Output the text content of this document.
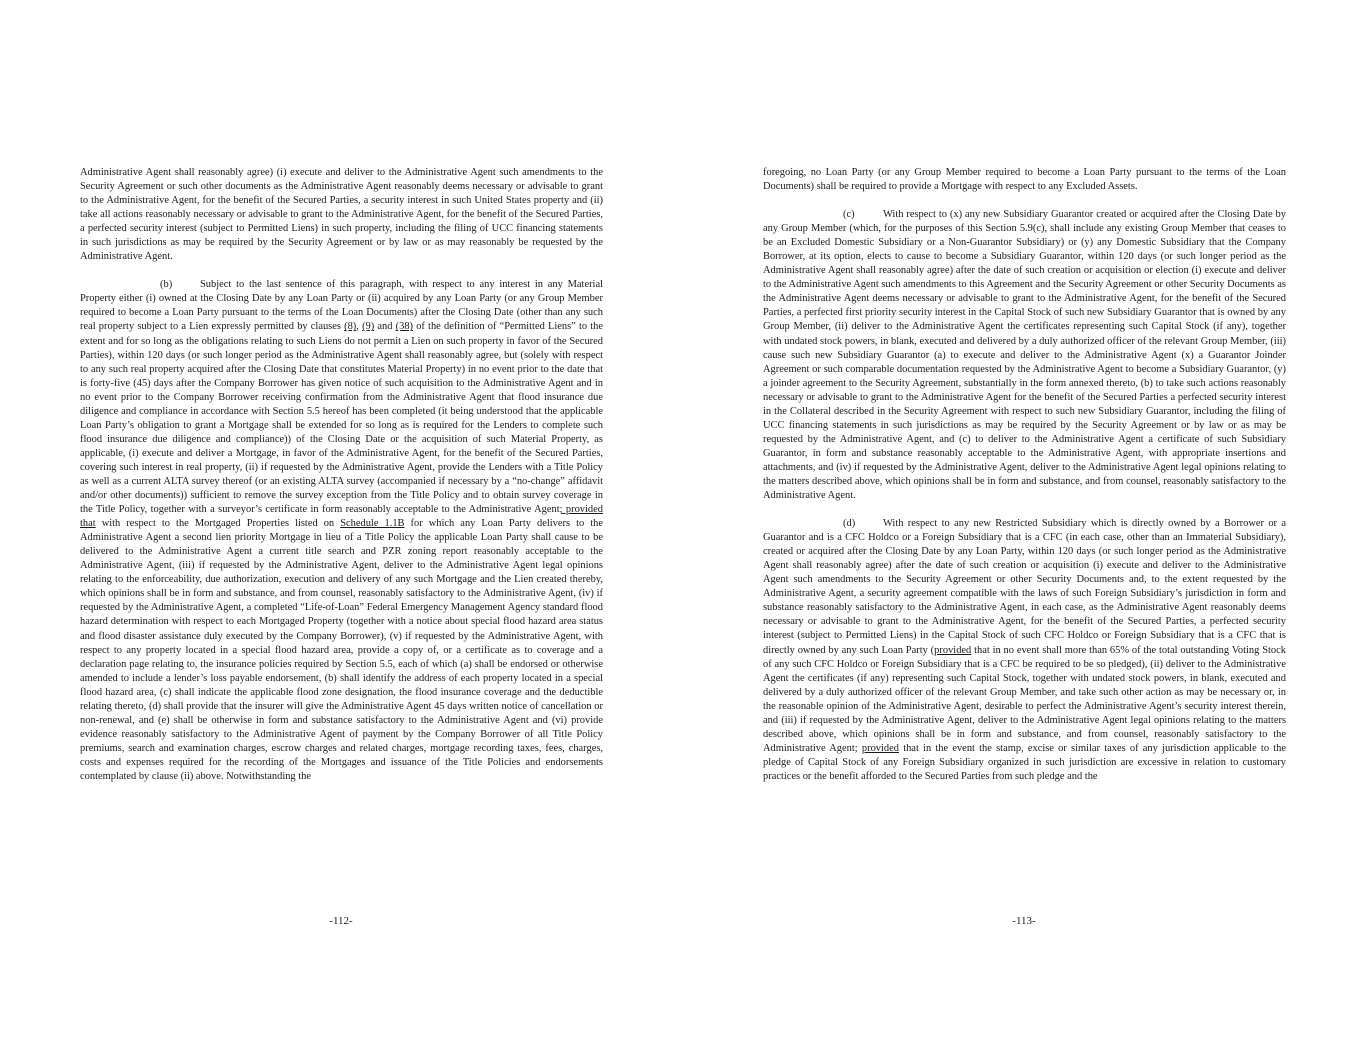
Administrative Agent shall reasonably agree) (i) execute and deliver to the Administrative Agent such amendments to the Security Agreement or such other documents as the Administrative Agent reasonably deems necessary or advisable to grant to the Administrative Agent, for the benefit of the Secured Parties, a security interest in such United States property and (ii) take all actions reasonably necessary or advisable to grant to the Administrative Agent, for the benefit of the Secured Parties, a perfected security interest (subject to Permitted Liens) in such property, including the filing of UCC financing statements in such jurisdictions as may be required by the Security Agreement or by law or as may reasonably be requested by the Administrative Agent.

(b)	Subject to the last sentence of this paragraph, with respect to any interest in any Material Property either (i) owned at the Closing Date by any Loan Party or (ii) acquired by any Loan Party (or any Group Member required to become a Loan Party pursuant to the terms of the Loan Documents) after the Closing Date (other than any such real property subject to a Lien expressly permitted by clauses (8), (9) and (38) of the definition of “Permitted Liens” to the extent and for so long as the obligations relating to such Liens do not permit a Lien on such property in favor of the Secured Parties), within 120 days (or such longer period as the Administrative Agent shall reasonably agree, but (solely with respect to any such real property acquired after the Closing Date that constitutes Material Property) in no event prior to the date that is forty-five (45) days after the Company Borrower has given notice of such acquisition to the Administrative Agent and in no event prior to the Company Borrower receiving confirmation from the Administrative Agent that flood insurance due diligence and compliance in accordance with Section 5.5 hereof has been completed (it being understood that the applicable Loan Party’s obligation to grant a Mortgage shall be extended for so long as is required for the Lenders to complete such flood insurance due diligence and compliance)) of the Closing Date or the acquisition of such Material Property, as applicable, (i) execute and deliver a Mortgage, in favor of the Administrative Agent, for the benefit of the Secured Parties, covering such interest in real property, (ii) if requested by the Administrative Agent, provide the Lenders with a Title Policy as well as a current ALTA survey thereof (or an existing ALTA survey (accompanied if necessary by a “no-change” affidavit and/or other documents)) sufficient to remove the survey exception from the Title Policy and to obtain survey coverage in the Title Policy, together with a surveyor’s certificate in form reasonably acceptable to the Administrative Agent; provided that with respect to the Mortgaged Properties listed on Schedule 1.1B for which any Loan Party delivers to the Administrative Agent a second lien priority Mortgage in lieu of a Title Policy the applicable Loan Party shall cause to be delivered to the Administrative Agent a current title search and PZR zoning report reasonably acceptable to the Administrative Agent, (iii) if requested by the Administrative Agent, deliver to the Administrative Agent legal opinions relating to the enforceability, due authorization, execution and delivery of any such Mortgage and the Lien created thereby, which opinions shall be in form and substance, and from counsel, reasonably satisfactory to the Administrative Agent, (iv) if requested by the Administrative Agent, a completed “Life-of-Loan” Federal Emergency Management Agency standard flood hazard determination with respect to each Mortgaged Property (together with a notice about special flood hazard area status and flood disaster assistance duly executed by the Company Borrower), (v) if requested by the Administrative Agent, with respect to any property located in a special flood hazard area, provide a copy of, or a certificate as to coverage and a declaration page relating to, the insurance policies required by Section 5.5, each of which (a) shall be endorsed or otherwise amended to include a lender’s loss payable endorsement, (b) shall identify the address of each property located in a special flood hazard area, (c) shall indicate the applicable flood zone designation, the flood insurance coverage and the deductible relating thereto, (d) shall provide that the insurer will give the Administrative Agent 45 days written notice of cancellation or non-renewal, and (e) shall be otherwise in form and substance satisfactory to the Administrative Agent and (vi) provide evidence reasonably satisfactory to the Administrative Agent of payment by the Company Borrower of all Title Policy premiums, search and examination charges, escrow charges and related charges, mortgage recording taxes, fees, charges, costs and expenses required for the recording of the Mortgages and issuance of the Title Policies and endorsements contemplated by clause (ii) above. Notwithstanding the

-112-

foregoing, no Loan Party (or any Group Member required to become a Loan Party pursuant to the terms of the Loan Documents) shall be required to provide a Mortgage with respect to any Excluded Assets.

(c)	With respect to (x) any new Subsidiary Guarantor created or acquired after the Closing Date by any Group Member (which, for the purposes of this Section 5.9(c), shall include any existing Group Member that ceases to be an Excluded Domestic Subsidiary or a Non-Guarantor Subsidiary) or (y) any Domestic Subsidiary that the Company Borrower, at its option, elects to cause to become a Subsidiary Guarantor, within 120 days (or such longer period as the Administrative Agent shall reasonably agree) after the date of such creation or acquisition or election (i) execute and deliver to the Administrative Agent such amendments to this Agreement and the Security Agreement or other Security Documents as the Administrative Agent deems necessary or advisable to grant to the Administrative Agent, for the benefit of the Secured Parties, a perfected first priority security interest in the Capital Stock of such new Subsidiary Guarantor that is owned by any Group Member, (ii) deliver to the Administrative Agent the certificates representing such Capital Stock (if any), together with undated stock powers, in blank, executed and delivered by a duly authorized officer of the relevant Group Member, (iii) cause such new Subsidiary Guarantor (a) to execute and deliver to the Administrative Agent (x) a Guarantor Joinder Agreement or such comparable documentation requested by the Administrative Agent to become a Subsidiary Guarantor, (y) a joinder agreement to the Security Agreement, substantially in the form annexed thereto, (b) to take such actions reasonably necessary or advisable to grant to the Administrative Agent for the benefit of the Secured Parties a perfected security interest in the Collateral described in the Security Agreement with respect to such new Subsidiary Guarantor, including the filing of UCC financing statements in such jurisdictions as may be required by the Security Agreement or by law or as may be requested by the Administrative Agent, and (c) to deliver to the Administrative Agent a certificate of such Subsidiary Guarantor, in form and substance reasonably acceptable to the Administrative Agent, with appropriate insertions and attachments, and (iv) if requested by the Administrative Agent, deliver to the Administrative Agent legal opinions relating to the matters described above, which opinions shall be in form and substance, and from counsel, reasonably satisfactory to the Administrative Agent.

(d)	With respect to any new Restricted Subsidiary which is directly owned by a Borrower or a Guarantor and is a CFC Holdco or a Foreign Subsidiary that is a CFC (in each case, other than an Immaterial Subsidiary), created or acquired after the Closing Date by any Loan Party, within 120 days (or such longer period as the Administrative Agent shall reasonably agree) after the date of such creation or acquisition (i) execute and deliver to the Administrative Agent such amendments to the Security Agreement or other Security Documents and, to the extent requested by the Administrative Agent, a security agreement compatible with the laws of such Foreign Subsidiary’s jurisdiction in form and substance reasonably satisfactory to the Administrative Agent, in each case, as the Administrative Agent reasonably deems necessary or advisable to grant to the Administrative Agent, for the benefit of the Secured Parties, a perfected security interest (subject to Permitted Liens) in the Capital Stock of such CFC Holdco or Foreign Subsidiary that is a CFC that is directly owned by any such Loan Party (provided that in no event shall more than 65% of the total outstanding Voting Stock of any such CFC Holdco or Foreign Subsidiary that is a CFC be required to be so pledged), (ii) deliver to the Administrative Agent the certificates (if any) representing such Capital Stock, together with undated stock powers, in blank, executed and delivered by a duly authorized officer of the relevant Group Member, and take such other action as may be necessary or, in the reasonable opinion of the Administrative Agent, desirable to perfect the Administrative Agent’s security interest therein, and (iii) if requested by the Administrative Agent, deliver to the Administrative Agent legal opinions relating to the matters described above, which opinions shall be in form and substance, and from counsel, reasonably satisfactory to the Administrative Agent; provided that in the event the stamp, excise or similar taxes of any jurisdiction applicable to the pledge of Capital Stock of any Foreign Subsidiary organized in such jurisdiction are excessive in relation to customary practices or the benefit afforded to the Secured Parties from such pledge and the

-113-
